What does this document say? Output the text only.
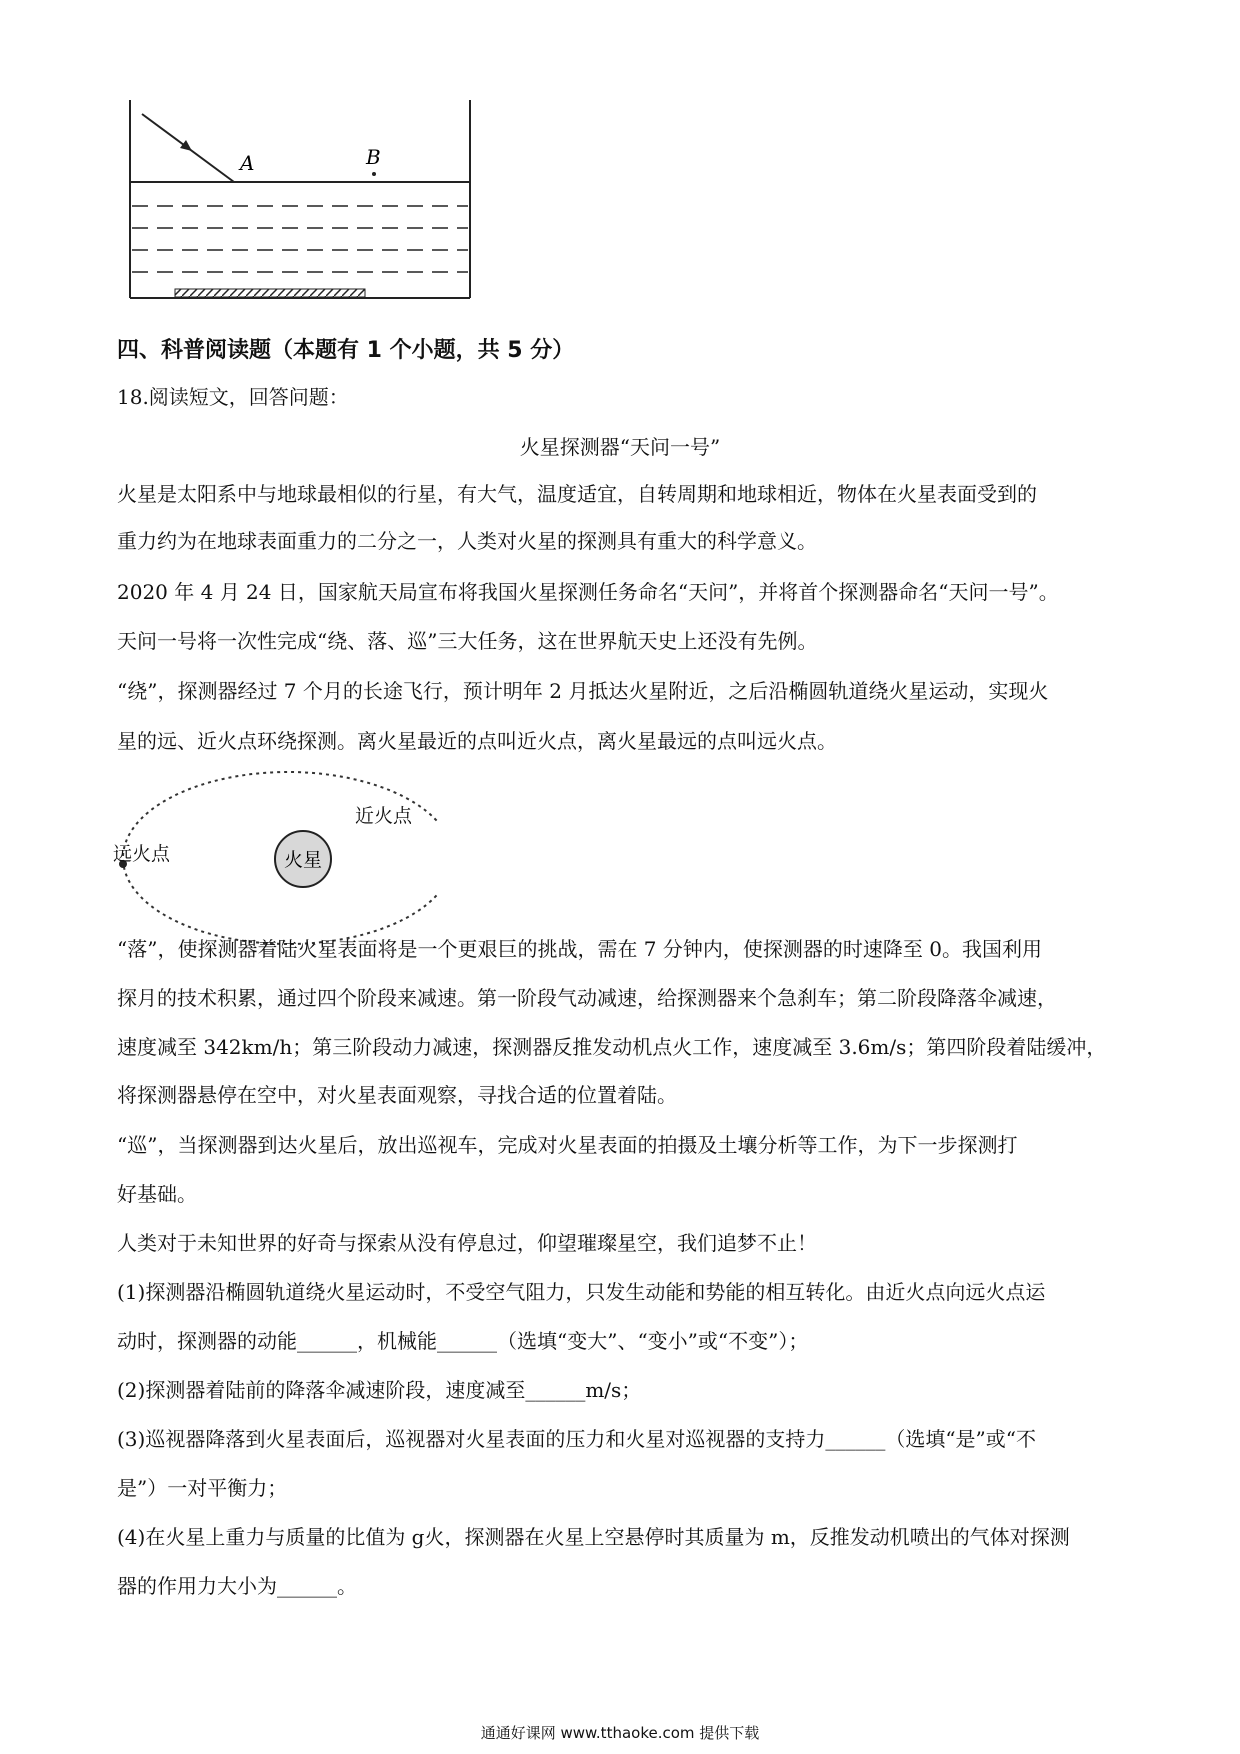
A	B
四、科普阅读题（本题有 1 个小题，共 5 分）
18.阅读短文，回答问题：
火星探测器“天问一号”
火星是太阳系中与地球最相似的行星，有大气，温度适宜，自转周期和地球相近，物体在火星表面受到的
重力约为在地球表面重力的二分之一，人类对火星的探测具有重大的科学意义。
2020 年 4 月 24 日，国家航天局宣布将我国火星探测任务命名“天问”，并将首个探测器命名“天问一号”。
天问一号将一次性完成“绕、落、巡”三大任务，这在世界航天史上还没有先例。
“绕”，探测器经过 7 个月的长途飞行，预计明年 2 月抵达火星附近，之后沿椭圆轨道绕火星运动，实现火
星的远、近火点环绕探测。离火星最近的点叫近火点，离火星最远的点叫远火点。
火星
近火点
远火点
“落”，使探测器着陆火星表面将是一个更艰巨的挑战，需在 7 分钟内，使探测器的时速降至 0。我国利用
探月的技术积累，通过四个阶段来减速。第一阶段气动减速，给探测器来个急刹车；第二阶段降落伞减速，
速度减至 342km/h；第三阶段动力减速，探测器反推发动机点火工作，速度减至 3.6m/s；第四阶段着陆缓冲，
将探测器悬停在空中，对火星表面观察，寻找合适的位置着陆。
“巡”，当探测器到达火星后，放出巡视车，完成对火星表面的拍摄及土壤分析等工作，为下一步探测打
好基础。
人类对于未知世界的好奇与探索从没有停息过，仰望璀璨星空，我们追梦不止！
(1)探测器沿椭圆轨道绕火星运动时，不受空气阻力，只发生动能和势能的相互转化。由近火点向远火点运
动时，探测器的动能______，机械能______（选填“变大”、“变小”或“不变”）；
(2)探测器着陆前的降落伞减速阶段，速度减至______m/s；
(3)巡视器降落到火星表面后，巡视器对火星表面的压力和火星对巡视器的支持力______（选填“是”或“不
是”）一对平衡力；
(4)在火星上重力与质量的比值为 g火，探测器在火星上空悬停时其质量为 m，反推发动机喷出的气体对探测
器的作用力大小为______。
通通好课网 www.tthaoke.com 提供下载
